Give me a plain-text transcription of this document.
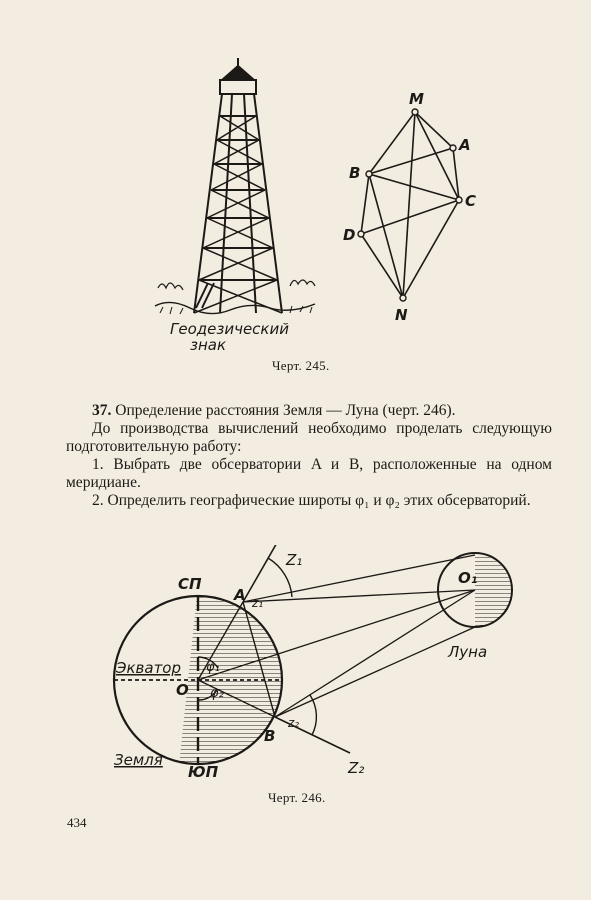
Геодезический
знак
M
A
B
C
D
N
Черт. 245.

37. Определение расстояния Земля — Луна (черт. 246).

До производства вычислений необходимо проделать следующую подготовительную работу:

1. Выбрать две обсерватории A и B, расположенные на одном меридиане.

2. Определить географические широты φ₁ и φ₂ этих обсерваторий.

Z₁
Z₂
СП
ЮП
Экватор
O
O₁
A
B
Луна
Земля
z₁
z₂
φ₁
φ₂
Черт. 246.
434
